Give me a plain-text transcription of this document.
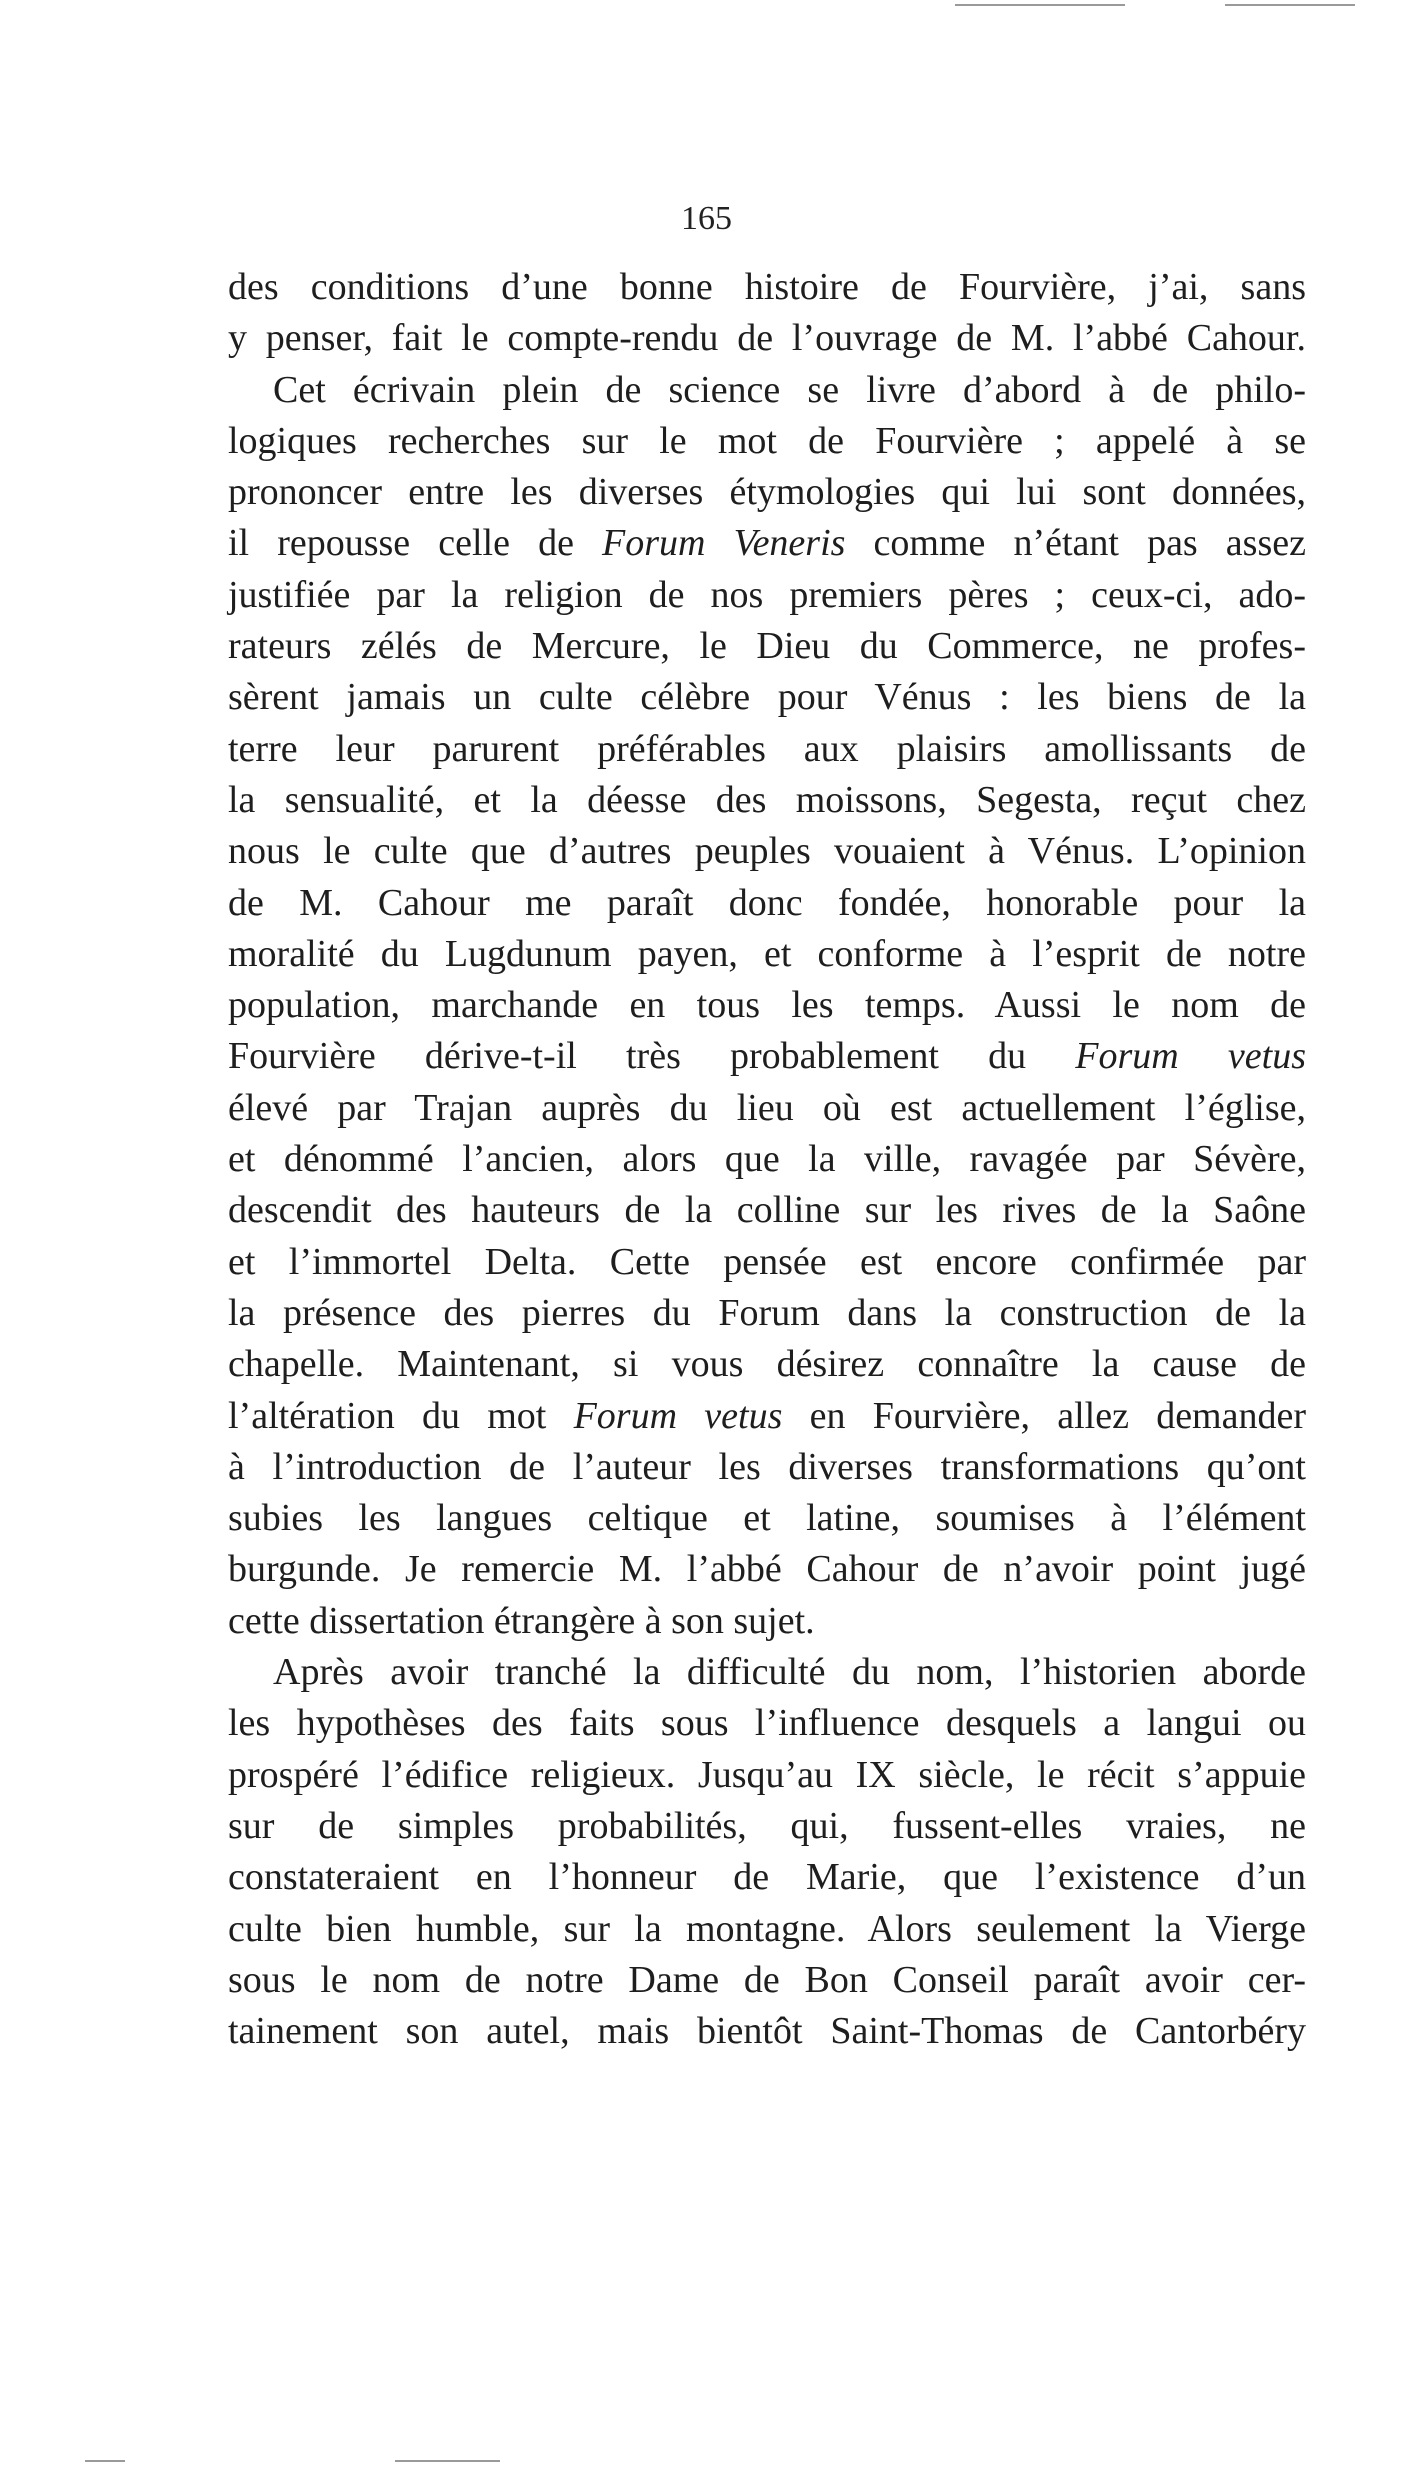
165
des conditions d’une bonne histoire de Fourvière, j’ai, sans
y penser, fait le compte-rendu de l’ouvrage de M. l’abbé Cahour.
Cet écrivain plein de science se livre d’abord à de philo-
logiques recherches sur le mot de Fourvière ; appelé à se
prononcer entre les diverses étymologies qui lui sont données,
il repousse celle de Forum Veneris comme n’étant pas assez
justifiée par la religion de nos premiers pères ; ceux-ci, ado-
rateurs zélés de Mercure, le Dieu du Commerce, ne profes-
sèrent jamais un culte célèbre pour Vénus : les biens de la
terre leur parurent préférables aux plaisirs amollissants de
la sensualité, et la déesse des moissons, Segesta, reçut chez
nous le culte que d’autres peuples vouaient à Vénus. L’opinion
de M. Cahour me paraît donc fondée, honorable pour la
moralité du Lugdunum payen, et conforme à l’esprit de notre
population, marchande en tous les temps. Aussi le nom de
Fourvière dérive-t-il très probablement du Forum vetus
élevé par Trajan auprès du lieu où est actuellement l’église,
et dénommé l’ancien, alors que la ville, ravagée par Sévère,
descendit des hauteurs de la colline sur les rives de la Saône
et l’immortel Delta. Cette pensée est encore confirmée par
la présence des pierres du Forum dans la construction de la
chapelle. Maintenant, si vous désirez connaître la cause de
l’altération du mot Forum vetus en Fourvière, allez demander
à l’introduction de l’auteur les diverses transformations qu’ont
subies les langues celtique et latine, soumises à l’élément
burgunde. Je remercie M. l’abbé Cahour de n’avoir point jugé
cette dissertation étrangère à son sujet.
Après avoir tranché la difficulté du nom, l’historien aborde
les hypothèses des faits sous l’influence desquels a langui ou
prospéré l’édifice religieux. Jusqu’au IX siècle, le récit s’appuie
sur de simples probabilités, qui, fussent-elles vraies, ne
constateraient en l’honneur de Marie, que l’existence d’un
culte bien humble, sur la montagne. Alors seulement la Vierge
sous le nom de notre Dame de Bon Conseil paraît avoir cer-
tainement son autel, mais bientôt Saint-Thomas de Cantorbéry
